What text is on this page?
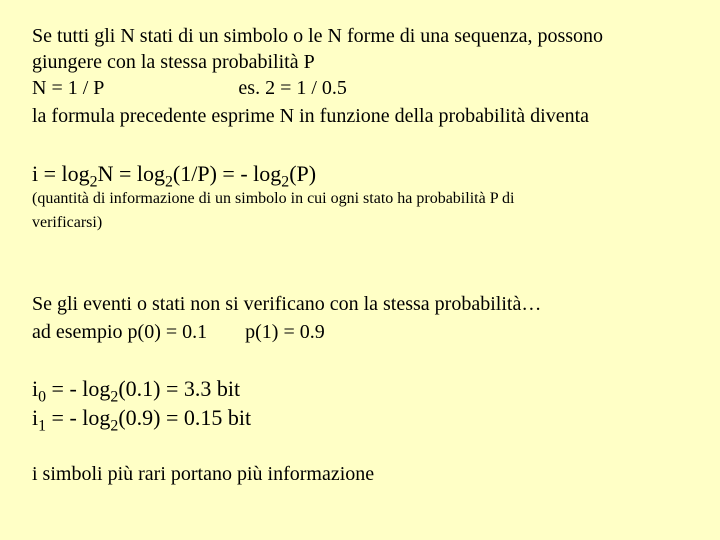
Se tutti gli N stati di un simbolo o le N forme di una sequenza, possono
giungere con la stessa probabilità P
N = 1 / P	es. 2 = 1 / 0.5
la formula precedente esprime N in funzione della probabilità diventa
$i = \log_2N = \log_2(1/P)$ = - $\log_2(P)$
(quantità di informazione di un simbolo in cui ogni stato ha probabilità P di
verificarsi)
Se gli eventi o stati non si verificano con la stessa probabilità…
ad esempio p(0) = 0.1 p(1) = 0.9
$i_0$ = - $\log_2(0.1) = 3.3$ bit
$i_1$ = - $\log_2(0.9) = 0.15$ bit
i simboli più rari portano più informazione
